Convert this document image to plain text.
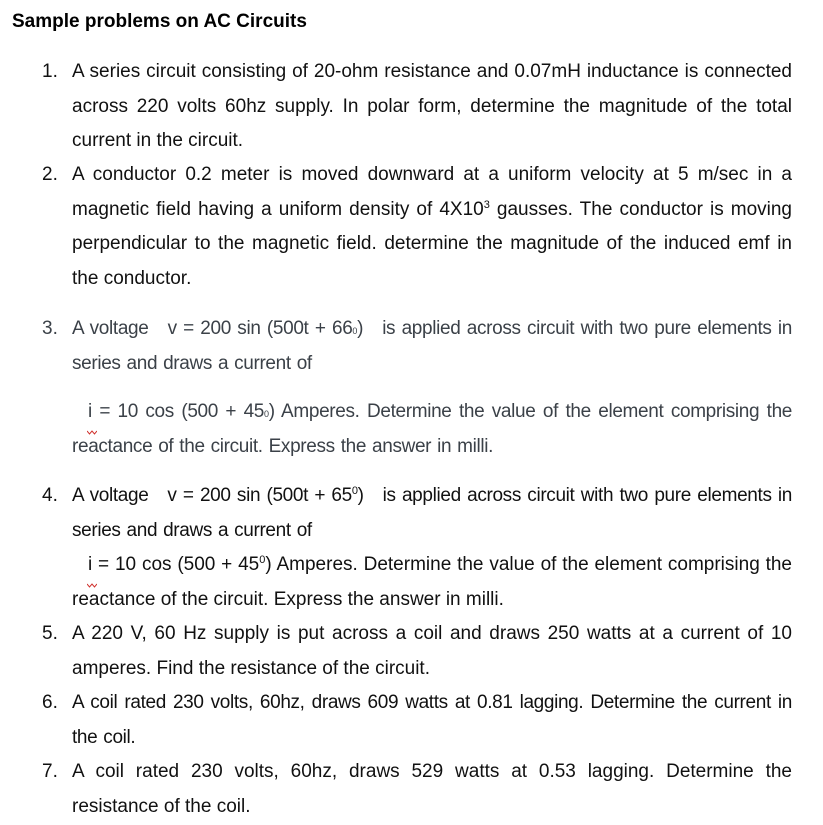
Sample problems on AC Circuits
1. A series circuit consisting of 20-ohm resistance and 0.07mH inductance is connected across 220 volts 60hz supply. In polar form, determine the magnitude of the total current in the circuit.
2. A conductor 0.2 meter is moved downward at a uniform velocity at 5 m/sec in a magnetic field having a uniform density of $4X10^3$ gausses. The conductor is moving perpendicular to the magnetic field. determine the magnitude of the induced emf in the conductor.
3. A voltage v = 200 sin (500t + 660) is applied across circuit with two pure elements in series and draws a current of
i
= 10 cos (500 + 450) Amperes. Determine the value of the element comprising the reactance of the circuit. Express the answer in milli.
4. A voltage v = 200 $\sin (500t + 65^0)$ is applied across circuit with two pure elements in series and draws a current of
i
= 10 $\cos (500 + 45^0)$ Amperes. Determine the value of the element comprising the reactance of the circuit. Express the answer in milli.
5. A 220 V, 60 Hz supply is put across a coil and draws 250 watts at a current of 10 amperes. Find the resistance of the circuit.
6. A coil rated 230 volts, 60hz, draws 609 watts at 0.81 lagging. Determine the current in the coil.
7. A coil rated 230 volts, 60hz, draws 529 watts at 0.53 lagging. Determine the resistance of the coil.
